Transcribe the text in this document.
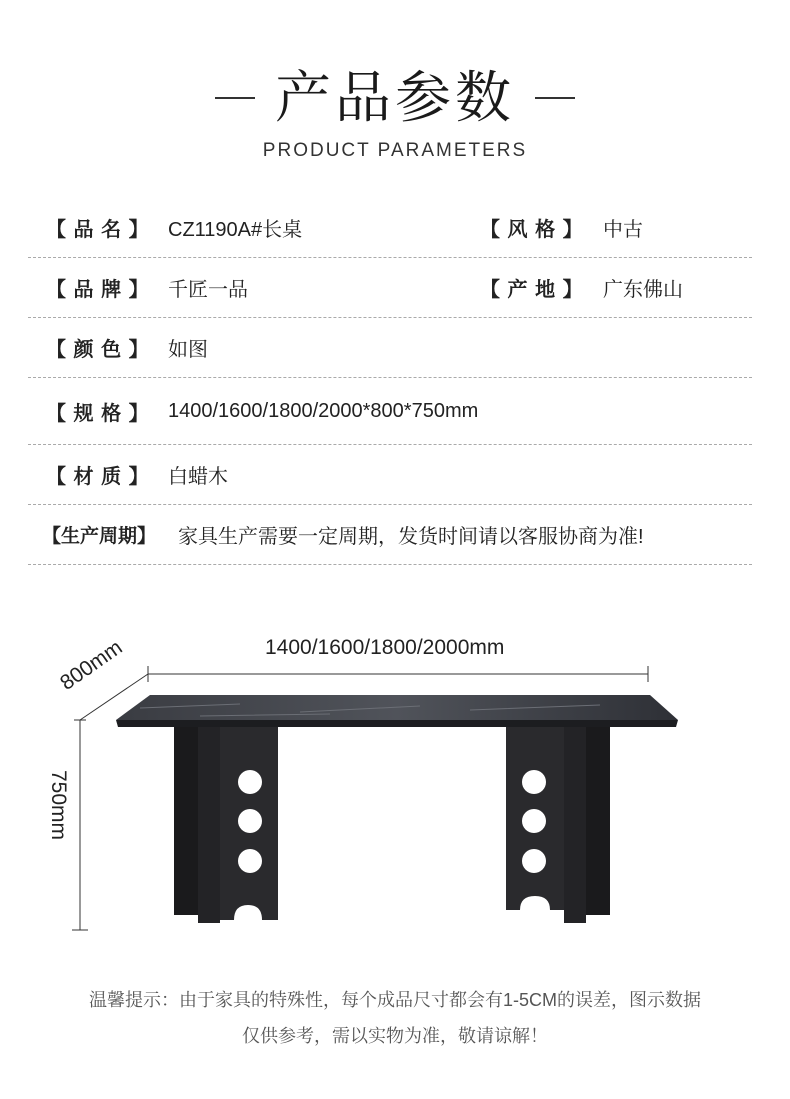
产品参数
PRODUCT PARAMETERS
【 品 名 】 CZ1190A#长桌	【 风 格 】 中古
【 品 牌 】 千匠一品	【 产 地 】 广东佛山
【 颜 色 】 如图
【 规 格 】 1400/1600/1800/2000*800*750mm
【 材 质 】 白蜡木
【生产周期】 家具生产需要一定周期，发货时间请以客服协商为准!
1400/1600/1800/2000mm
800mm
750mm
温馨提示：由于家具的特殊性，每个成品尺寸都会有1-5CM的误差，图示数据
仅供参考，需以实物为准，敬请谅解！
